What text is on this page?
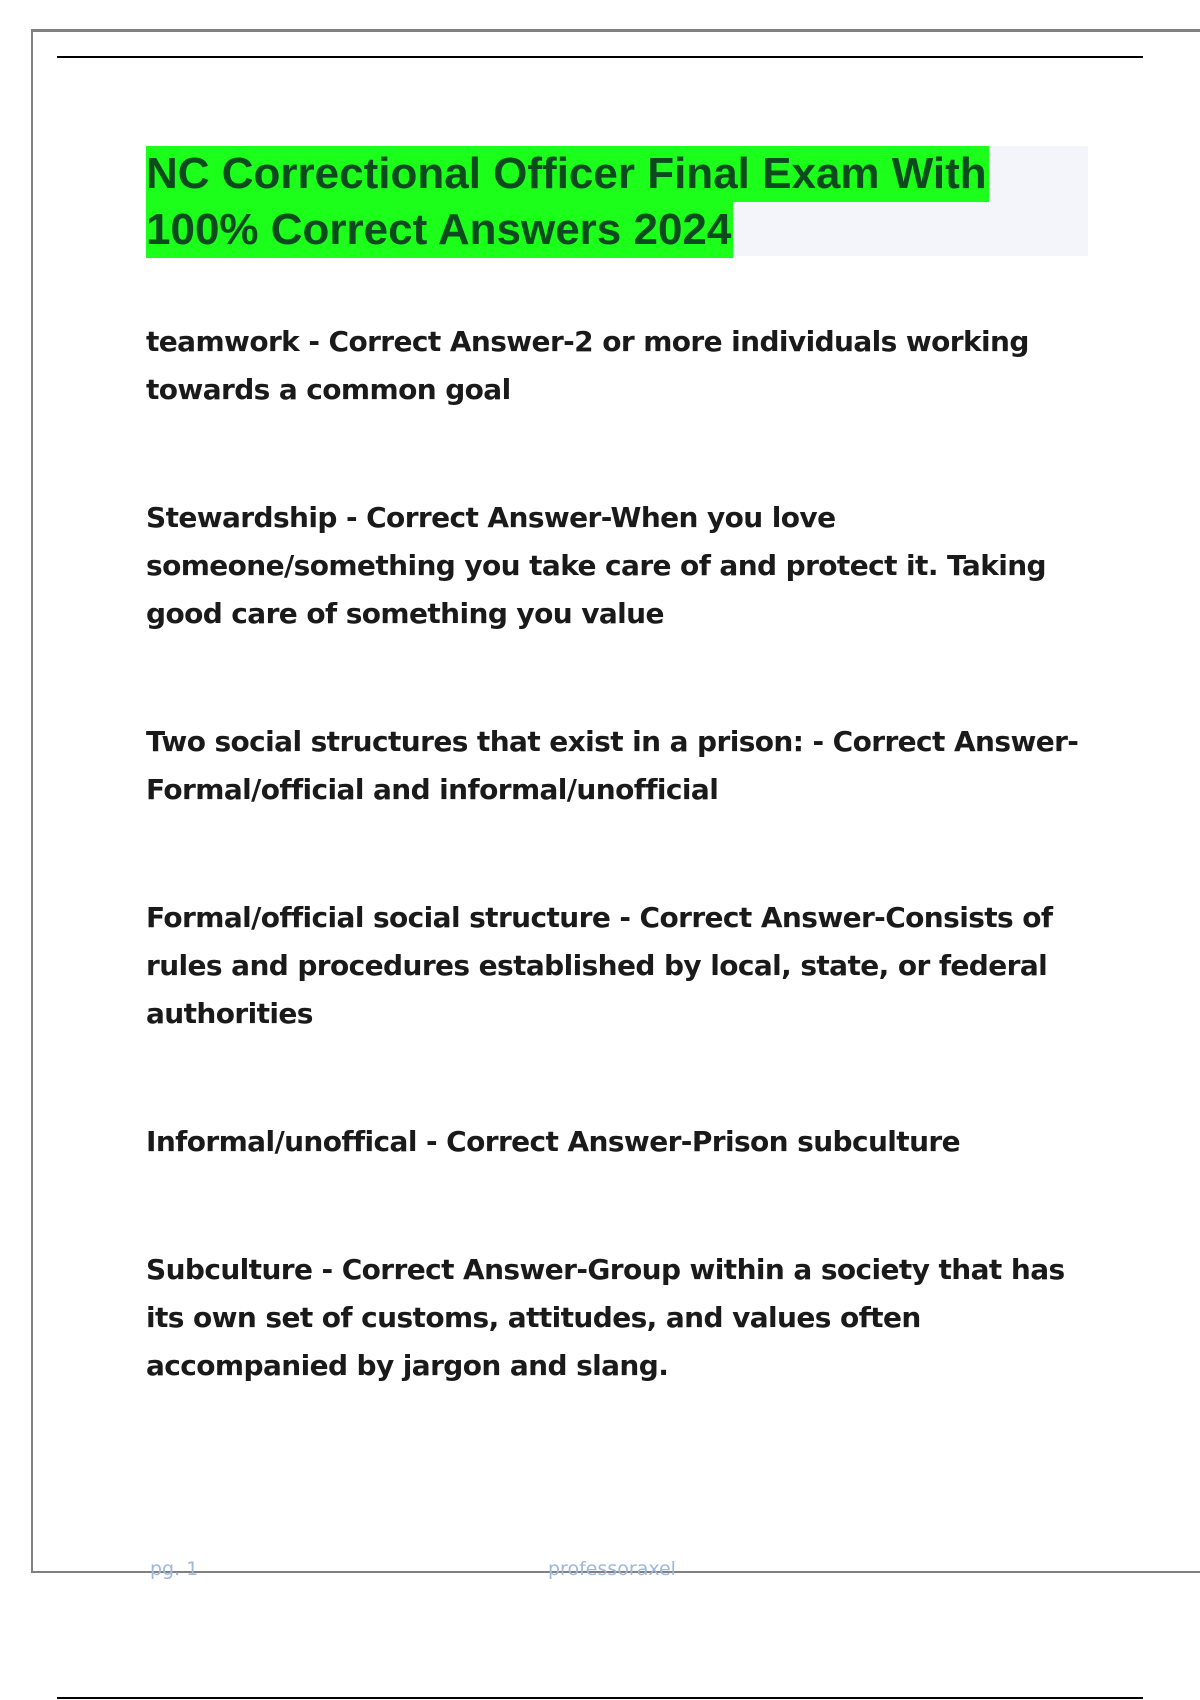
NC Correctional Officer Final Exam With
100% Correct Answers 2024

teamwork - Correct Answer-2 or more individuals working towards a common goal

Stewardship - Correct Answer-When you love someone/something you take care of and protect it. Taking good care of something you value

Two social structures that exist in a prison: - Correct Answer-Formal/official and informal/unofficial

Formal/official social structure - Correct Answer-Consists of rules and procedures established by local, state, or federal authorities

Informal/unoffical - Correct Answer-Prison subculture

Subculture - Correct Answer-Group within a society that has its own set of customs, attitudes, and values often accompanied by jargon and slang.

pg. 1	professoraxel
